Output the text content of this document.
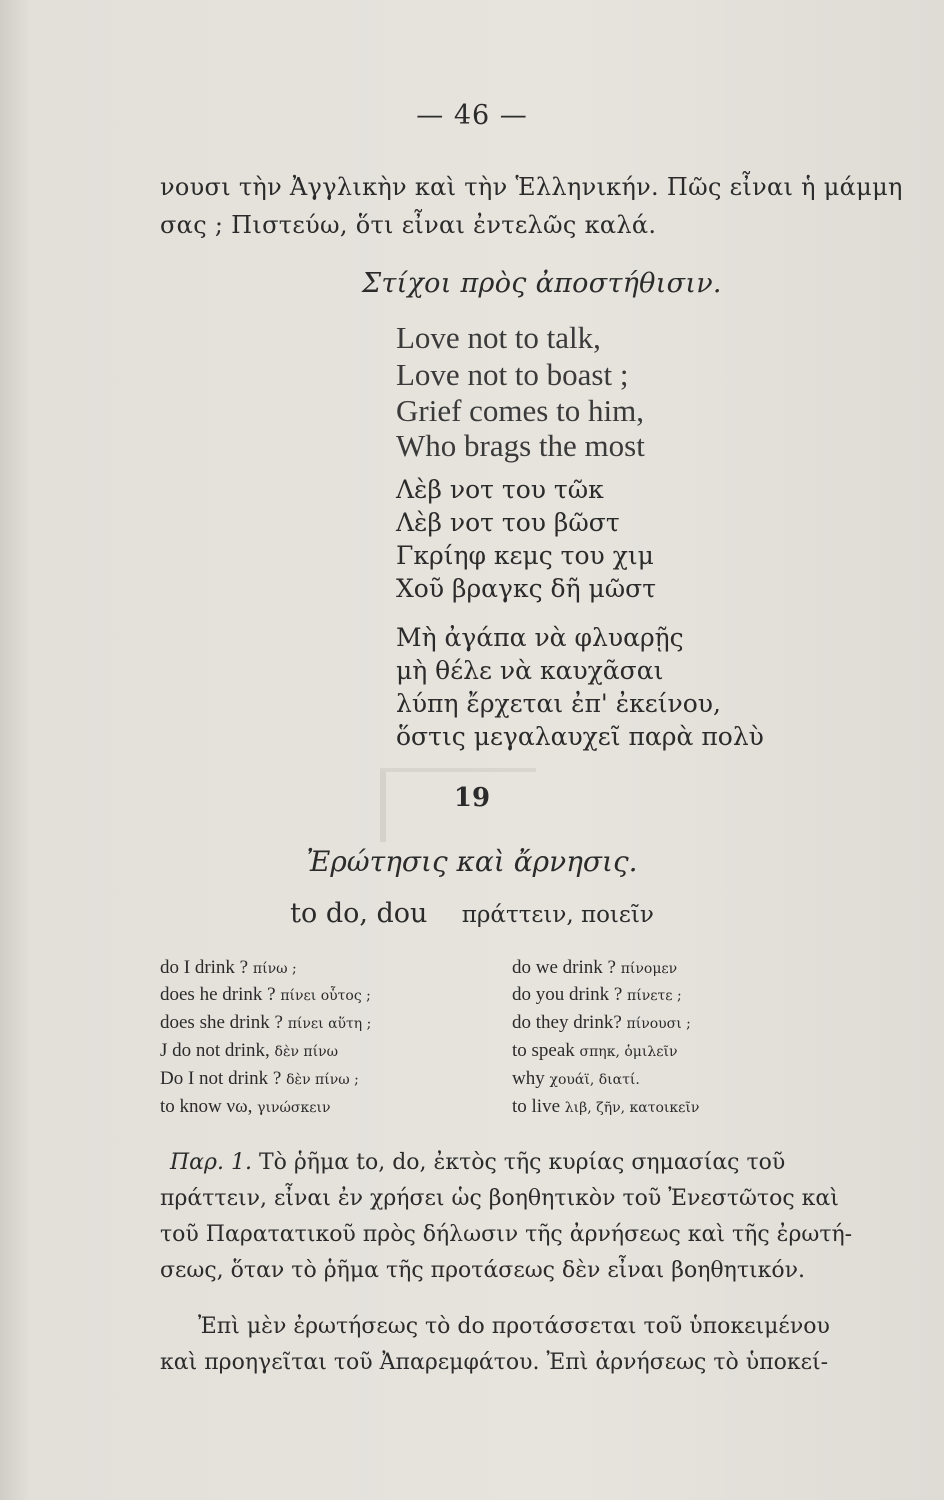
— 46 —
νουσι τὴν Ἀγγλικὴν καὶ τὴν Ἑλληνικήν. Πῶς εἶναι ἡ μάμμη
σας ; Πιστεύω, ὅτι εἶναι ἐντελῶς καλά.
Στίχοι πρὸς ἀποστήθισιν.
Love not to talk,
Love not to boast ;
Grief comes to him,
Who brags the most
Λὲβ νοτ του τῶκ
Λὲβ νοτ του βῶστ
Γκρίηφ κεμς του χιμ
Χοῦ βραγκς δῆ μῶστ
Μὴ ἀγάπα νὰ φλυαρῇς
μὴ θέλε νὰ καυχᾶσαι
λύπη ἔρχεται ἐπ' ἐκείνου,
ὅστις μεγαλαυχεῖ παρὰ πολὺ
19
Ἐρώτησις καὶ ἄρνησις.
to do, dou πράττειν, ποιεῖν
do I drink ? πίνω ;
does he drink ? πίνει οὗτος ;
does she drink ? πίνει αὕτη ;
J do not drink, δὲν πίνω
Do I not drink ? δὲν πίνω ;
to know νω, γινώσκειν
do we drink ? πίνομεν
do you drink ? πίνετε ;
do they drink? πίνουσι ;
to speak σπηκ, ὁμιλεῖν
why χουάϊ, διατί.
to live λιβ, ζῆν, κατοικεῖν
Παρ. 1. Τὸ ῥῆμα to, do, ἐκτὸς τῆς κυρίας σημασίας τοῦ
πράττειν, εἶναι ἐν χρήσει ὡς βοηθητικὸν τοῦ Ἐνεστῶτος καὶ
τοῦ Παρατατικοῦ πρὸς δήλωσιν τῆς ἀρνήσεως καὶ τῆς ἐρωτή-
σεως, ὅταν τὸ ῥῆμα τῆς προτάσεως δὲν εἶναι βοηθητικόν.
Ἐπὶ μὲν ἐρωτήσεως τὸ do προτάσσεται τοῦ ὑποκειμένου
καὶ προηγεῖται τοῦ Ἀπαρεμφάτου. Ἐπὶ ἀρνήσεως τὸ ὑποκεί-
